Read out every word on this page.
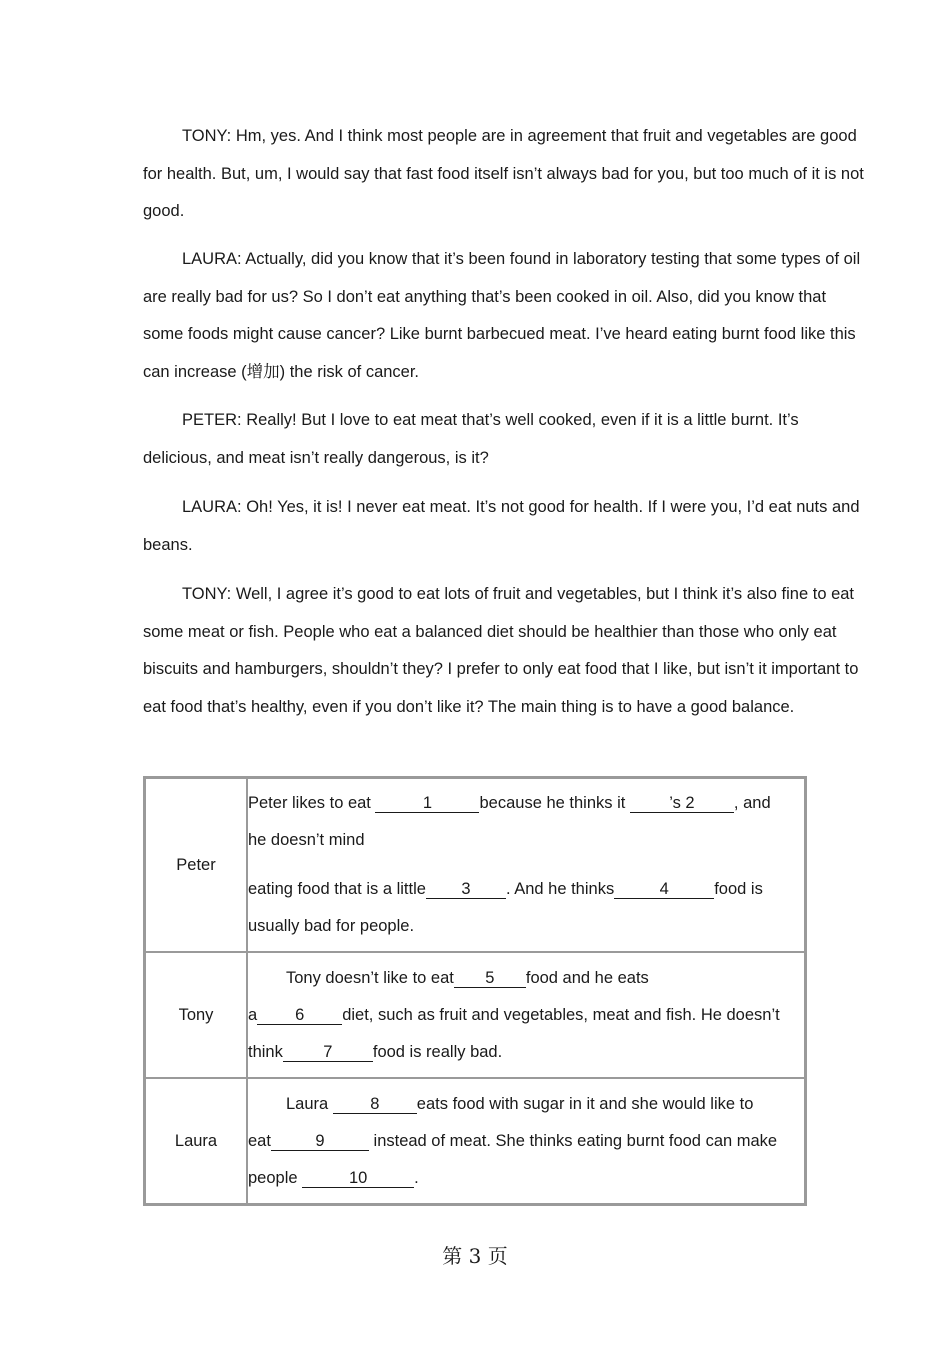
TONY: Hm, yes. And I think most people are in agreement that fruit and vegetables are good for health. But, um, I would say that fast food itself isn’t always bad for you, but too much of it is not good.

LAURA: Actually, did you know that it’s been found in laboratory testing that some types of oil are really bad for us? So I don’t eat anything that’s been cooked in oil. Also, did you know that some foods might cause cancer? Like burnt barbecued meat. I’ve heard eating burnt food like this can increase (增加) the risk of cancer.

PETER: Really! But I love to eat meat that’s well cooked, even if it is a little burnt. It’s delicious, and meat isn’t really dangerous, is it?

LAURA: Oh! Yes, it is! I never eat meat. It’s not good for health. If I were you, I’d eat nuts and beans.

TONY: Well, I agree it’s good to eat lots of fruit and vegetables, but I think it’s also fine to eat some meat or fish. People who eat a balanced diet should be healthier than those who only eat biscuits and hamburgers, shouldn’t they? I prefer to only eat food that I like, but isn’t it important to eat food that’s healthy, even if you don’t like it? The main thing is to have a good balance.

Peter	Peter likes to eat 1 because he thinks it ’s 2 , and
he doesn’t mind
eating food that is a little 3 . And he thinks 4 food is
usually bad for people.

Tony	Tony doesn’t like to eat 5 food and he eats
a 6 diet, such as fruit and vegetables, meat and fish. He doesn’t
think 7 food is really bad.

Laura	Laura 8 eats food with sugar in it and she would like to
eat 9 instead of meat. She thinks eating burnt food can make
people 10 .
第 3 页
